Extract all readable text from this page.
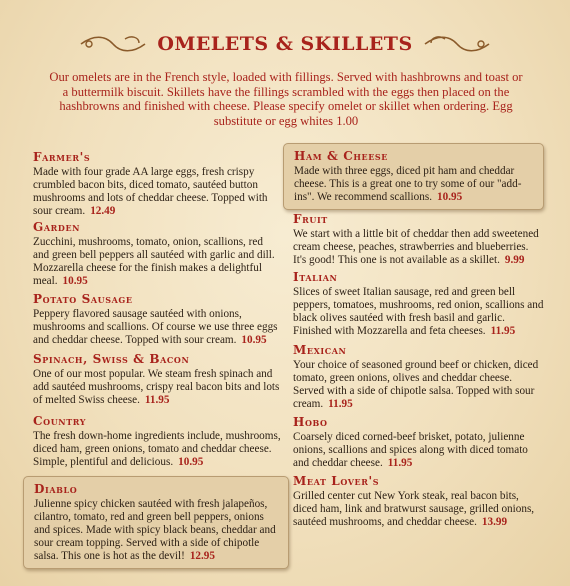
OMELETS & SKILLETS
Our omelets are in the French style, loaded with fillings. Served with hashbrowns and toast or a buttermilk biscuit. Skillets have the fillings scrambled with the eggs then placed on the hashbrowns and finished with cheese. Please specify omelet or skillet when ordering. Egg substitute or egg whites 1.00
Farmer's
Made with four grade AA large eggs, fresh crispy crumbled bacon bits, diced tomato, sautéed button mushrooms and lots of cheddar cheese. Topped with sour cream. 12.49
Garden
Zucchini, mushrooms, tomato, onion, scallions, red and green bell peppers all sautéed with garlic and dill. Mozzarella cheese for the finish makes a delightful meal. 10.95
Potato Sausage
Peppery flavored sausage sautéed with onions, mushrooms and scallions. Of course we use three eggs and cheddar cheese. Topped with sour cream. 10.95
Spinach, Swiss & Bacon
One of our most popular. We steam fresh spinach and add sautéed mushrooms, crispy real bacon bits and lots of melted Swiss cheese. 11.95
Country
The fresh down-home ingredients include, mushrooms, diced ham, green onions, tomato and cheddar cheese. Simple, plentiful and delicious. 10.95
Diablo
Julienne spicy chicken sautéed with fresh jalapeños, cilantro, tomato, red and green bell peppers, onions and spices. Made with spicy black beans, cheddar and sour cream topping. Served with a side of chipotle salsa. This one is hot as the devil! 12.95
Ham & Cheese
Made with three eggs, diced pit ham and cheddar cheese. This is a great one to try some of our "add-ins". We recommend scallions. 10.95
Fruit
We start with a little bit of cheddar then add sweetened cream cheese, peaches, strawberries and blueberries. It's good! This one is not available as a skillet. 9.99
Italian
Slices of sweet Italian sausage, red and green bell peppers, tomatoes, mushrooms, red onion, scallions and black olives sautéed with fresh basil and garlic. Finished with Mozzarella and feta cheeses. 11.95
Mexican
Your choice of seasoned ground beef or chicken, diced tomato, green onions, olives and cheddar cheese. Served with a side of chipotle salsa. Topped with sour cream. 11.95
Hobo
Coarsely diced corned-beef brisket, potato, julienne onions, scallions and spices along with diced tomato and cheddar cheese. 11.95
Meat Lover's
Grilled center cut New York steak, real bacon bits, diced ham, link and bratwurst sausage, grilled onions, sautéed mushrooms, and cheddar cheese. 13.99
